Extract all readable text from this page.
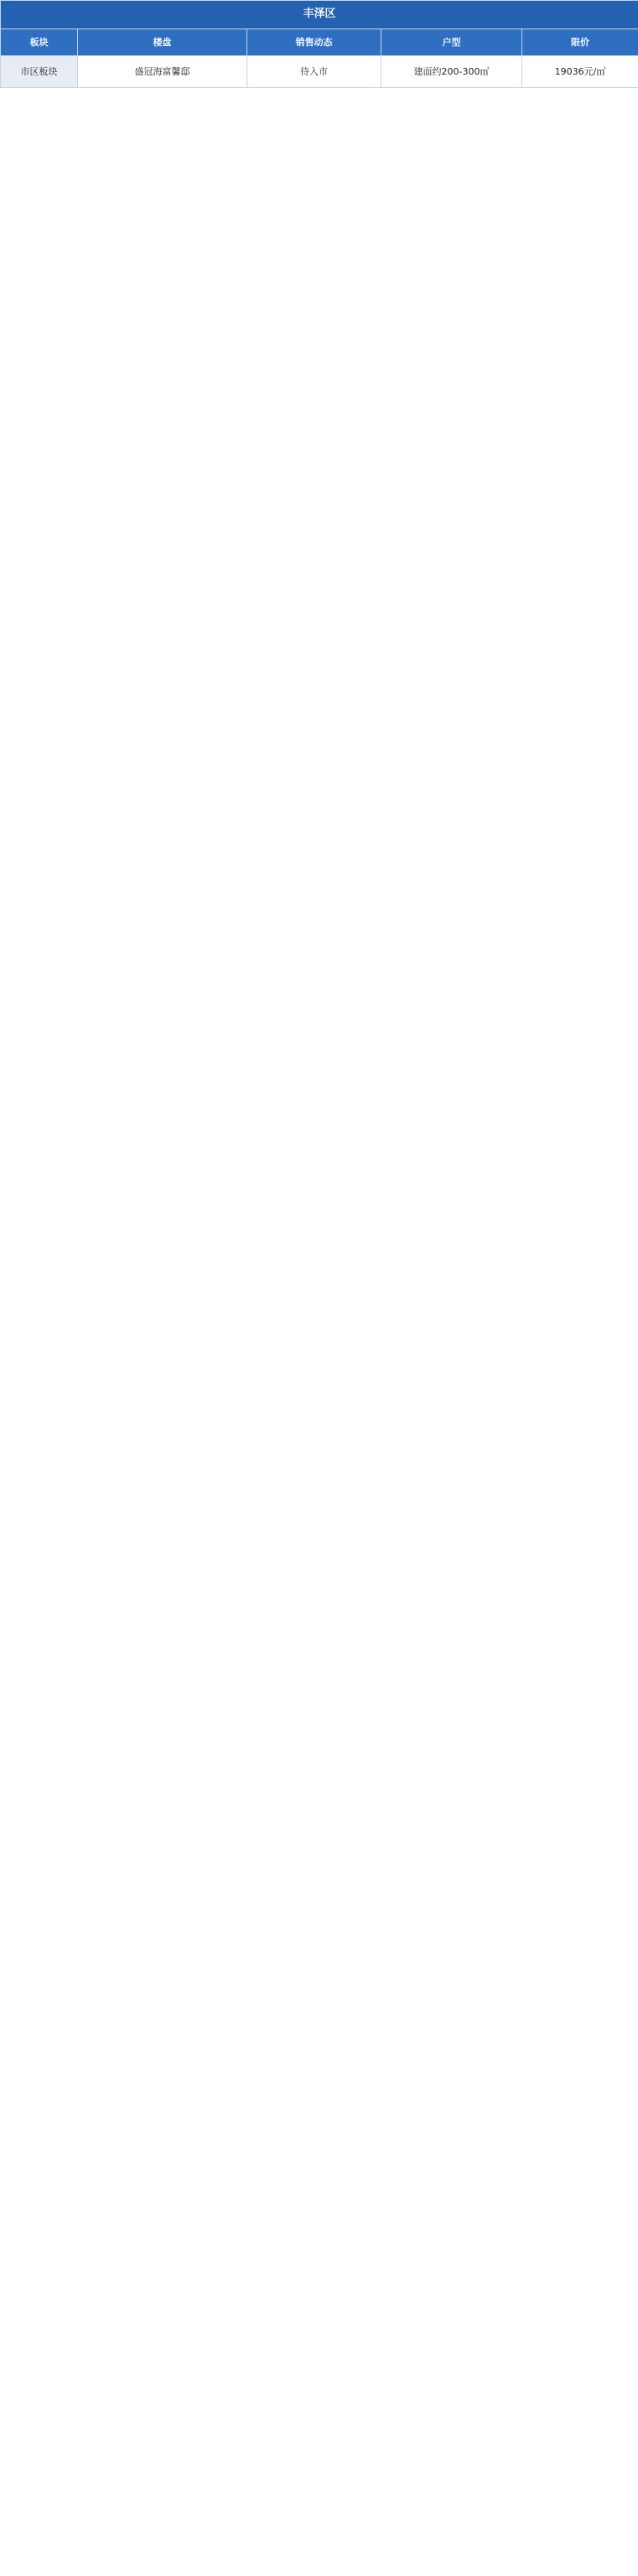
丰泽区				
板块	楼盘	销售动态	户型	限价
市区板块	盛冠海富馨邸	待入市	建面约200-300㎡	19036元/㎡
